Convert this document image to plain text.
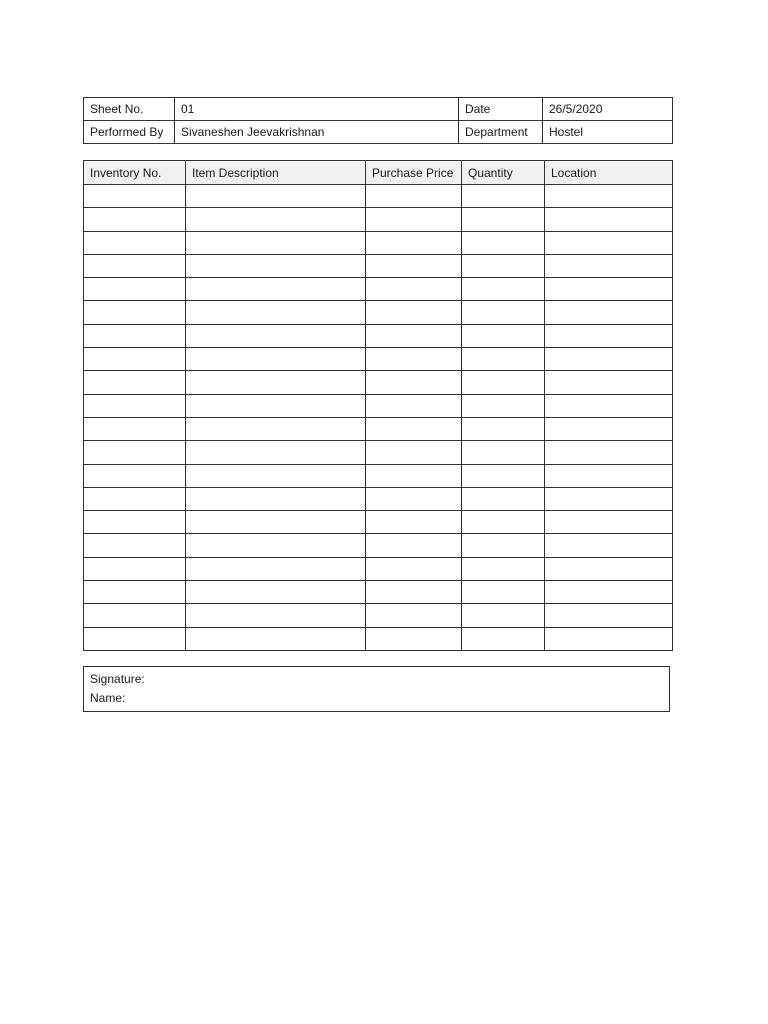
Sheet No.	01	Date	26/5/2020
Performed By	Sivaneshen Jeevakrishnan	Department	Hostel
Inventory No.	Item Description	Purchase Price	Quantity	Location

Signature:
Name:
